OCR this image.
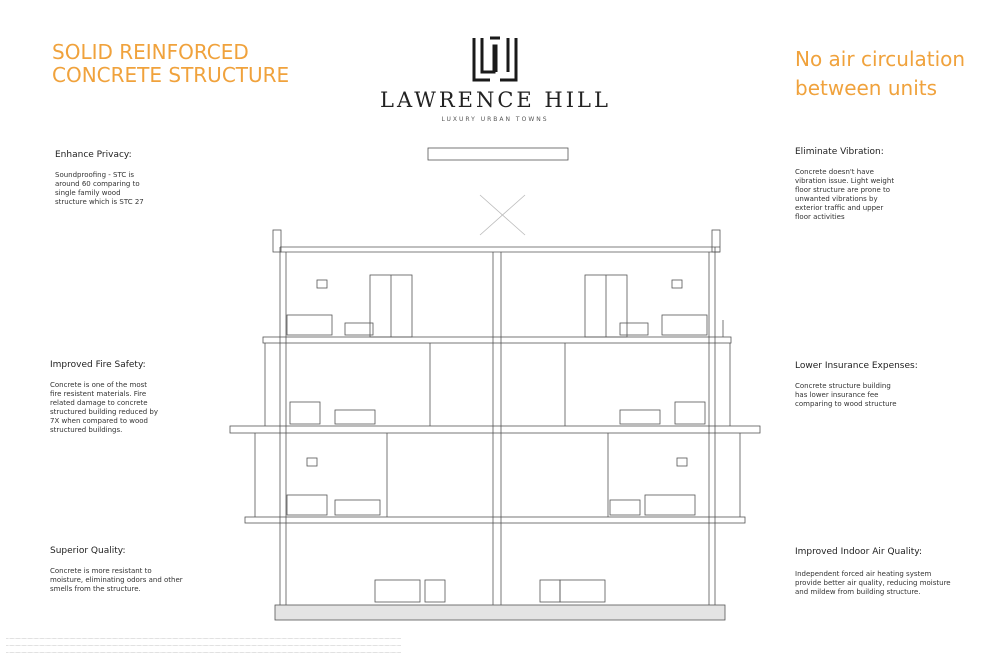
SOLID REINFORCED
CONCRETE STRUCTURE
No air circulation
between units
LAWRENCE HILL
LUXURY URBAN TOWNS
Enhance Privacy:
Soundproofing - STC is
around 60 comparing to
single family wood
structure which is STC 27
Improved Fire Safety:
Concrete is one of the most
fire resistent materials. Fire
related damage to concrete
structured building reduced by
7X when compared to wood
structured buildings.
Superior Quality:
Concrete is more resistant to
moisture, eliminating odors and other
smells from the structure.
Eliminate Vibration:
Concrete doesn't have
vibration issue. Light weight
floor structure are prone to
unwanted vibrations by
exterior traffic and upper
floor activities
Lower Insurance Expenses:
Concrete structure building
has lower insurance fee
comparing to wood structure
Improved Indoor Air Quality:
Independent forced air heating system
provide better air quality, reducing moisture
and mildew from building structure.
……………………………………………………………………………………………………………………………………………………………………………………………………………………………………………………………………………………………………
……………………………………………………………………………………………………………………………………………………………………………………………………………………………………………………………………………………………………
……………………………………………………………………………………………………………………………………………………………………………………………………………………………………………………………………………………………………
